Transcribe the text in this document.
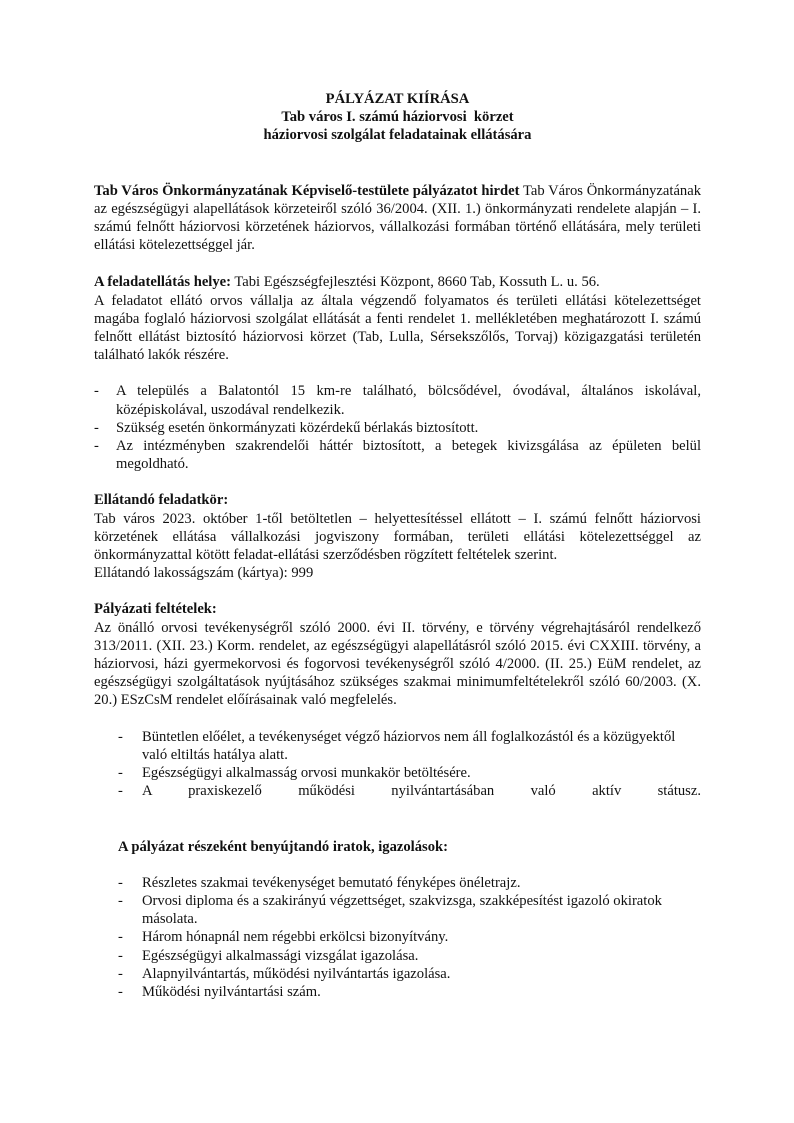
PÁLYÁZAT KIÍRÁSA
Tab város I. számú háziorvosi  körzet
háziorvosi szolgálat feladatainak ellátására

Tab Város Önkormányzatának Képviselő-testülete pályázatot hirdet Tab Város Önkormányzatának az egészségügyi alapellátások körzeteiről szóló 36/2004. (XII. 1.) önkormányzati rendelete alapján – I. számú felnőtt háziorvosi körzetének háziorvos, vállalkozási formában történő ellátására, mely területi ellátási kötelezettséggel jár.

A feladatellátás helye: Tabi Egészségfejlesztési Központ, 8660 Tab, Kossuth L. u. 56.

A feladatot ellátó orvos vállalja az általa végzendő folyamatos és területi ellátási kötelezettséget magába foglaló háziorvosi szolgálat ellátását a fenti rendelet 1. mellékletében meghatározott I. számú felnőtt ellátást biztosító háziorvosi körzet (Tab, Lulla, Sérsekszőlős, Torvaj) közigazgatási területén található lakók részére.

- A település a Balatontól 15 km-re található, bölcsődével, óvodával, általános iskolával, középiskolával, uszodával rendelkezik.
- Szükség esetén önkormányzati közérdekű bérlakás biztosított.
- Az intézményben szakrendelői háttér biztosított, a betegek kivizsgálása az épületen belül megoldható.

Ellátandó feladatkör:

Tab város 2023. október 1-től betöltetlen – helyettesítéssel ellátott – I. számú felnőtt háziorvosi körzetének ellátása vállalkozási jogviszony formában, területi ellátási kötelezettséggel az önkormányzattal kötött feladat-ellátási szerződésben rögzített feltételek szerint.

Ellátandó lakosságszám (kártya): 999

Pályázati feltételek:

Az önálló orvosi tevékenységről szóló 2000. évi II. törvény, e törvény végrehajtásáról rendelkező 313/2011. (XII. 23.) Korm. rendelet, az egészségügyi alapellátásról szóló 2015. évi CXXIII. törvény, a háziorvosi, házi gyermekorvosi és fogorvosi tevékenységről szóló 4/2000. (II. 25.) EüM rendelet, az egészségügyi szolgáltatások nyújtásához szükséges szakmai minimumfeltételekről szóló 60/2003. (X. 20.) ESzCsM rendelet előírásainak való megfelelés.

- Büntetlen előélet, a tevékenységet végző háziorvos nem áll foglalkozástól és a közügyektől való eltiltás hatálya alatt.
- Egészségügyi alkalmasság orvosi munkakör betöltésére.
- A praxiskezelő működési nyilvántartásában való aktív státusz.

A pályázat részeként benyújtandó iratok, igazolások:

- Részletes szakmai tevékenységet bemutató fényképes önéletrajz.
- Orvosi diploma és a szakirányú végzettséget, szakvizsga, szakképesítést igazoló okiratok másolata.
- Három hónapnál nem régebbi erkölcsi bizonyítvány.
- Egészségügyi alkalmassági vizsgálat igazolása.
- Alapnyilvántartás, működési nyilvántartás igazolása.
- Működési nyilvántartási szám.
